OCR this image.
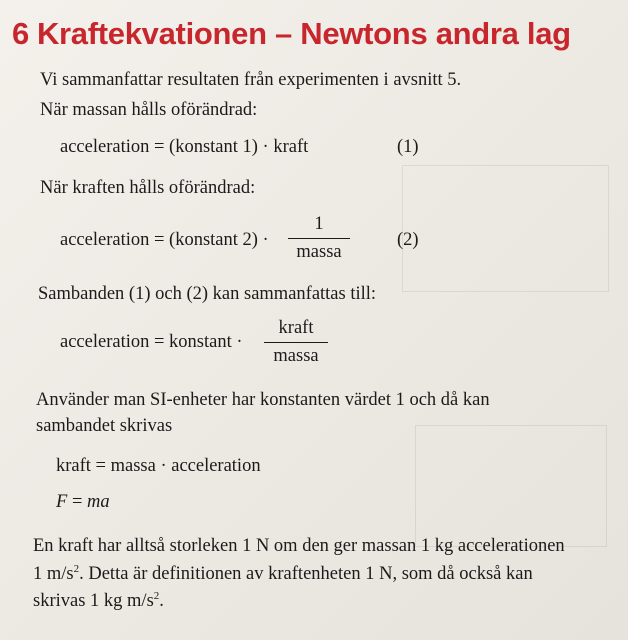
6 Kraftekvationen – Newtons andra lag

Vi sammanfattar resultaten från experimenten i avsnitt 5.

När massan hålls oförändrad:

acceleration = (konstant 1) · kraft	(1)

När kraften hålls oförändrad:

acceleration = (konstant 2) ·
1
massa
(2)

Sambanden (1) och (2) kan sammanfattas till:

acceleration = konstant ·
kraft
massa

Använder man SI-enheter har konstanten värdet 1 och då kan

sambandet skrivas

kraft = massa · acceleration

F = ma

En kraft har alltså storleken 1 N om den ger massan 1 kg accelerationen

1 $m/s^2$. Detta är definitionen av kraftenheten 1 N, som då också kan

skrivas 1 kg $m/s^2$.
